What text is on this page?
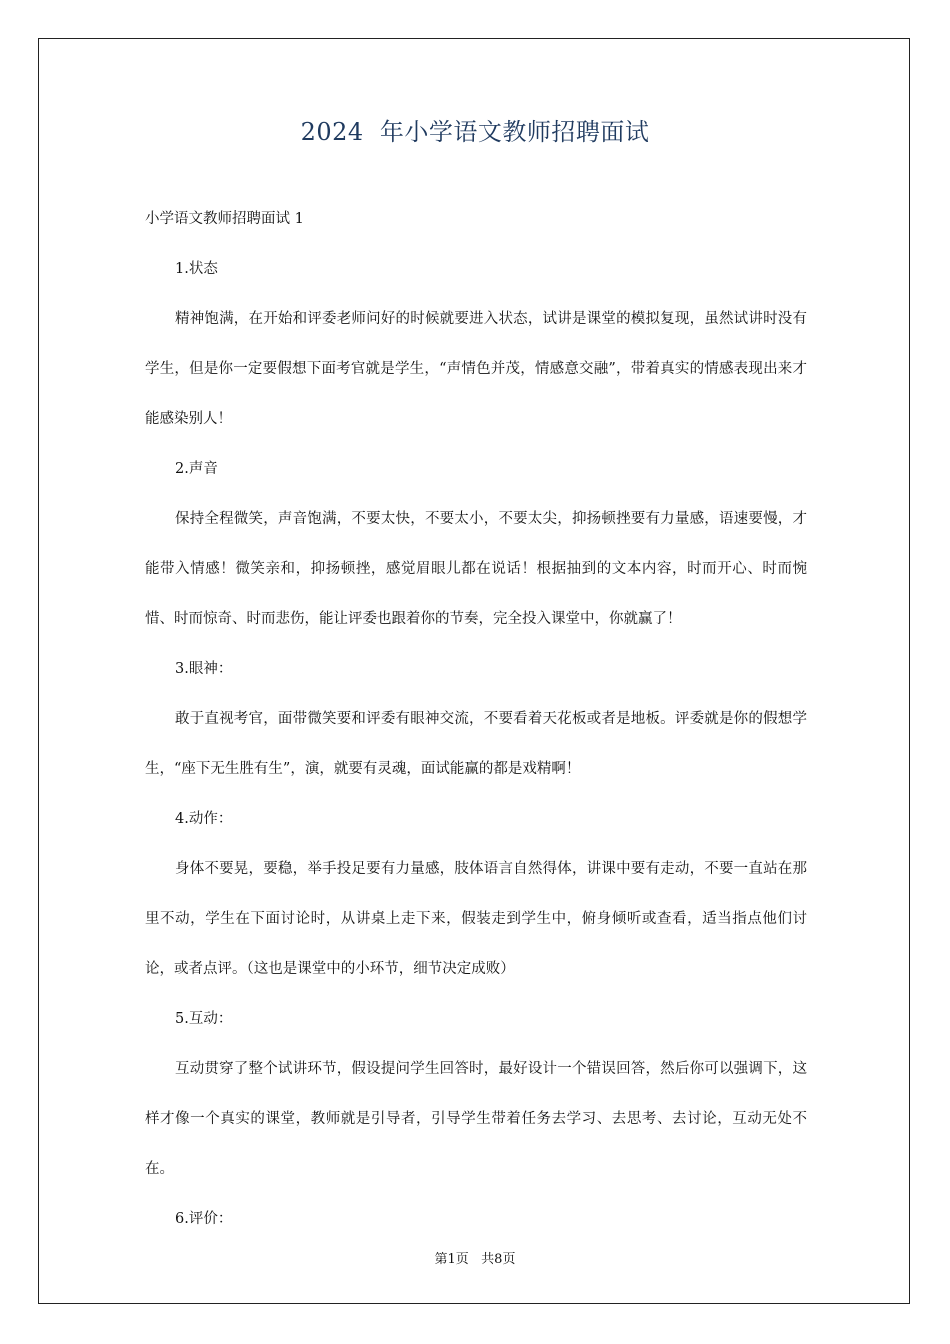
2024  年小学语文教师招聘面试

小学语文教师招聘面试 1

1.状态

精神饱满，在开始和评委老师问好的时候就要进入状态，试讲是课堂的模拟复现，虽然试讲时没有学生，但是你一定要假想下面考官就是学生，“声情色并茂，情感意交融”，带着真实的情感表现出来才能感染别人！

2.声音

保持全程微笑，声音饱满，不要太快，不要太小，不要太尖，抑扬顿挫要有力量感，语速要慢，才能带入情感！微笑亲和，抑扬顿挫，感觉眉眼儿都在说话！根据抽到的文本内容，时而开心、时而惋惜、时而惊奇、时而悲伤，能让评委也跟着你的节奏，完全投入课堂中，你就赢了！

3.眼神：

敢于直视考官，面带微笑要和评委有眼神交流，不要看着天花板或者是地板。评委就是你的假想学生，“座下无生胜有生”，演，就要有灵魂，面试能赢的都是戏精啊！

4.动作：

身体不要晃，要稳，举手投足要有力量感，肢体语言自然得体，讲课中要有走动，不要一直站在那里不动，学生在下面讨论时，从讲桌上走下来，假装走到学生中，俯身倾听或查看，适当指点他们讨论，或者点评。（这也是课堂中的小环节，细节决定成败）

5.互动：

互动贯穿了整个试讲环节，假设提问学生回答时，最好设计一个错误回答，然后你可以强调下，这样才像一个真实的课堂，教师就是引导者，引导学生带着任务去学习、去思考、去讨论，互动无处不在。

6.评价：

第1页   共8页
